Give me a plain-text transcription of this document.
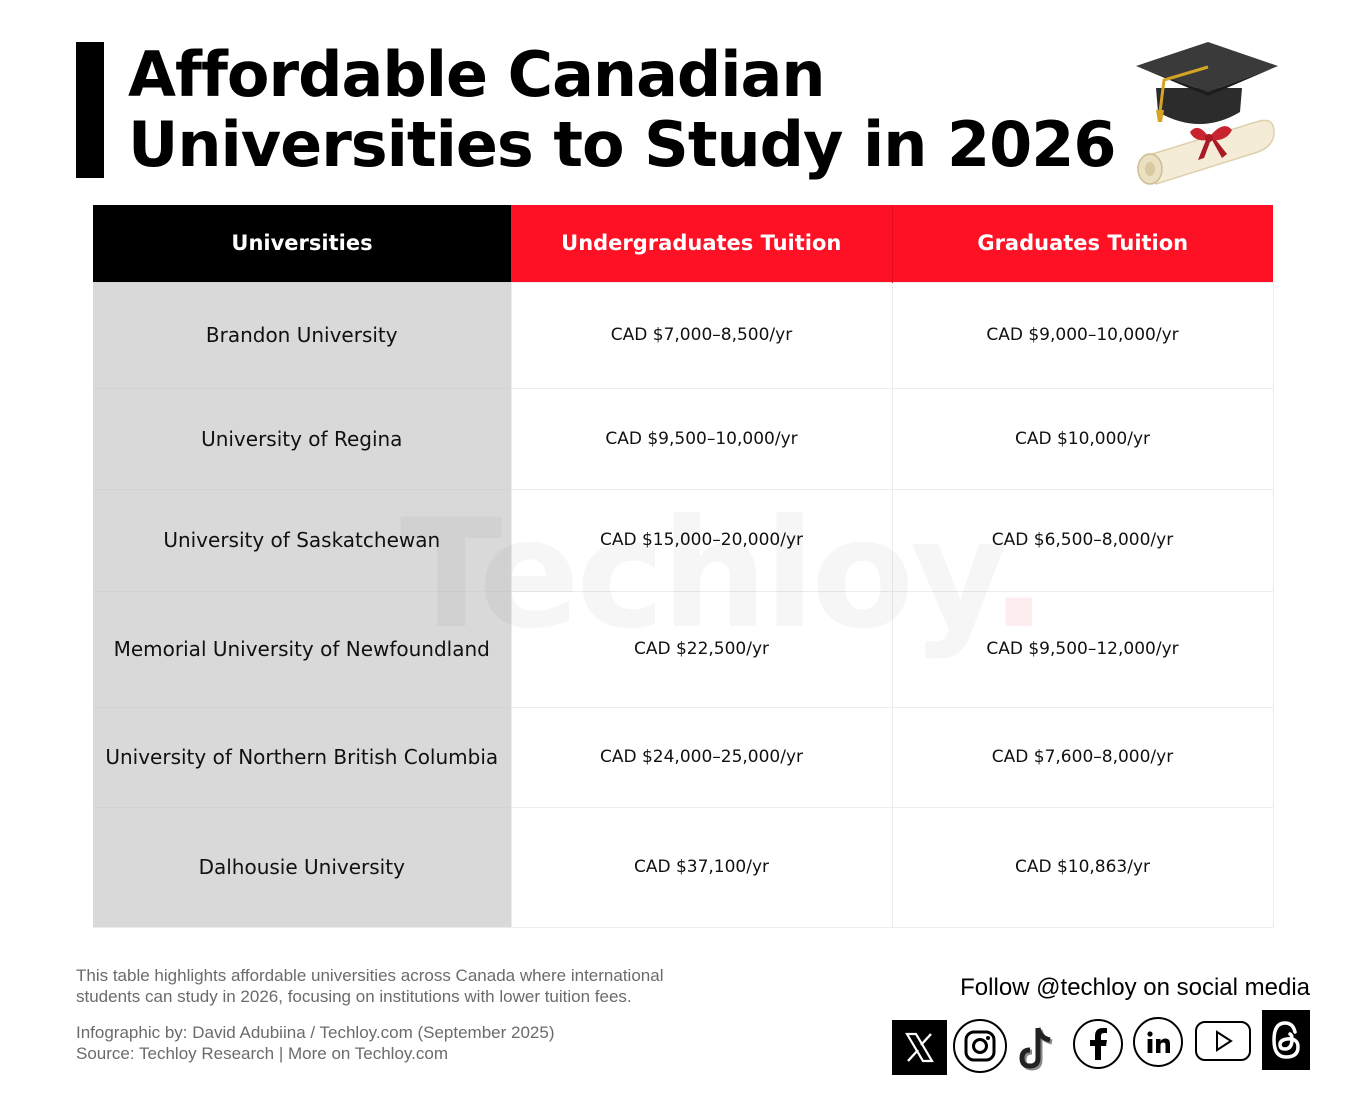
Affordable Canadian
Universities to Study in 2026
Universities	Undergraduates Tuition	Graduates Tuition
Brandon University	CAD $7,000–8,500/yr	CAD $9,000–10,000/yr
University of Regina	CAD $9,500–10,000/yr	CAD $10,000/yr
University of Saskatchewan	CAD $15,000–20,000/yr	CAD $6,500–8,000/yr
Memorial University of Newfoundland	CAD $22,500/yr	CAD $9,500–12,000/yr
University of Northern British Columbia	CAD $24,000–25,000/yr	CAD $7,600–8,000/yr
Dalhousie University	CAD $37,100/yr	CAD $10,863/yr

This table highlights affordable universities across Canada where international
students can study in 2026, focusing on institutions with lower tuition fees.

Infographic by: David Adubiina / Techloy.com (September 2025)
Source: Techloy Research | More on Techloy.com

Follow @techloy on social media
